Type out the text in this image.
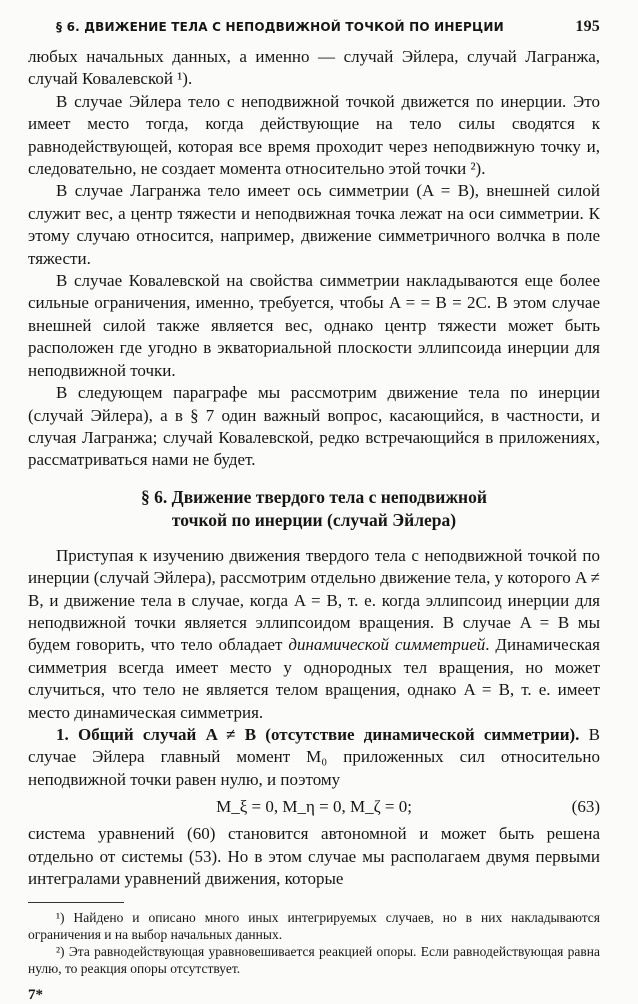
§ 6. ДВИЖЕНИЕ ТЕЛА С НЕПОДВИЖНОЙ ТОЧКОЙ ПО ИНЕРЦИИ	195

любых начальных данных, а именно — случай Эйлера, случай Лагранжа, случай Ковалевской ¹).

В случае Эйлера тело с неподвижной точкой движется по инерции. Это имеет место тогда, когда действующие на тело силы сводятся к равнодействующей, которая все время проходит через неподвижную точку и, следовательно, не создает момента относительно этой точки ²).

В случае Лагранжа тело имеет ось симметрии (A = B), внешней силой служит вес, а центр тяжести и неподвижная точка лежат на оси симметрии. К этому случаю относится, например, движение симметричного волчка в поле тяжести.

В случае Ковалевской на свойства симметрии накладываются еще более сильные ограничения, именно, требуется, чтобы A = = B = 2C. В этом случае внешней силой также является вес, однако центр тяжести может быть расположен где угодно в экваториальной плоскости эллипсоида инерции для неподвижной точки.

В следующем параграфе мы рассмотрим движение тела по инерции (случай Эйлера), а в § 7 один важный вопрос, касающийся, в частности, и случая Лагранжа; случай Ковалевской, редко встречающийся в приложениях, рассматриваться нами не будет.

§ 6. Движение твердого тела с неподвижной
точкой по инерции (случай Эйлера)

Приступая к изучению движения твердого тела с неподвижной точкой по инерции (случай Эйлера), рассмотрим отдельно движение тела, у которого A ≠ B, и движение тела в случае, когда A = B, т. е. когда эллипсоид инерции для неподвижной точки является эллипсоидом вращения. В случае A = B мы будем говорить, что тело обладает динамической симметрией. Динамическая симметрия всегда имеет место у однородных тел вращения, но может случиться, что тело не является телом вращения, однако A = B, т. е. имеет место динамическая симметрия.

1. Общий случай A ≠ B (отсутствие динамической симметрии). В случае Эйлера главный момент M₀ приложенных сил относительно неподвижной точки равен нулю, и поэтому

M_ξ = 0, M_η = 0, M_ζ = 0;	(63)

система уравнений (60) становится автономной и может быть решена отдельно от системы (53). Но в этом случае мы располагаем двумя первыми интегралами уравнений движения, которые

¹) Найдено и описано много иных интегрируемых случаев, но в них накладываются ограничения и на выбор начальных данных.

²) Эта равнодействующая уравновешивается реакцией опоры. Если равнодействующая равна нулю, то реакция опоры отсутствует.

7*
